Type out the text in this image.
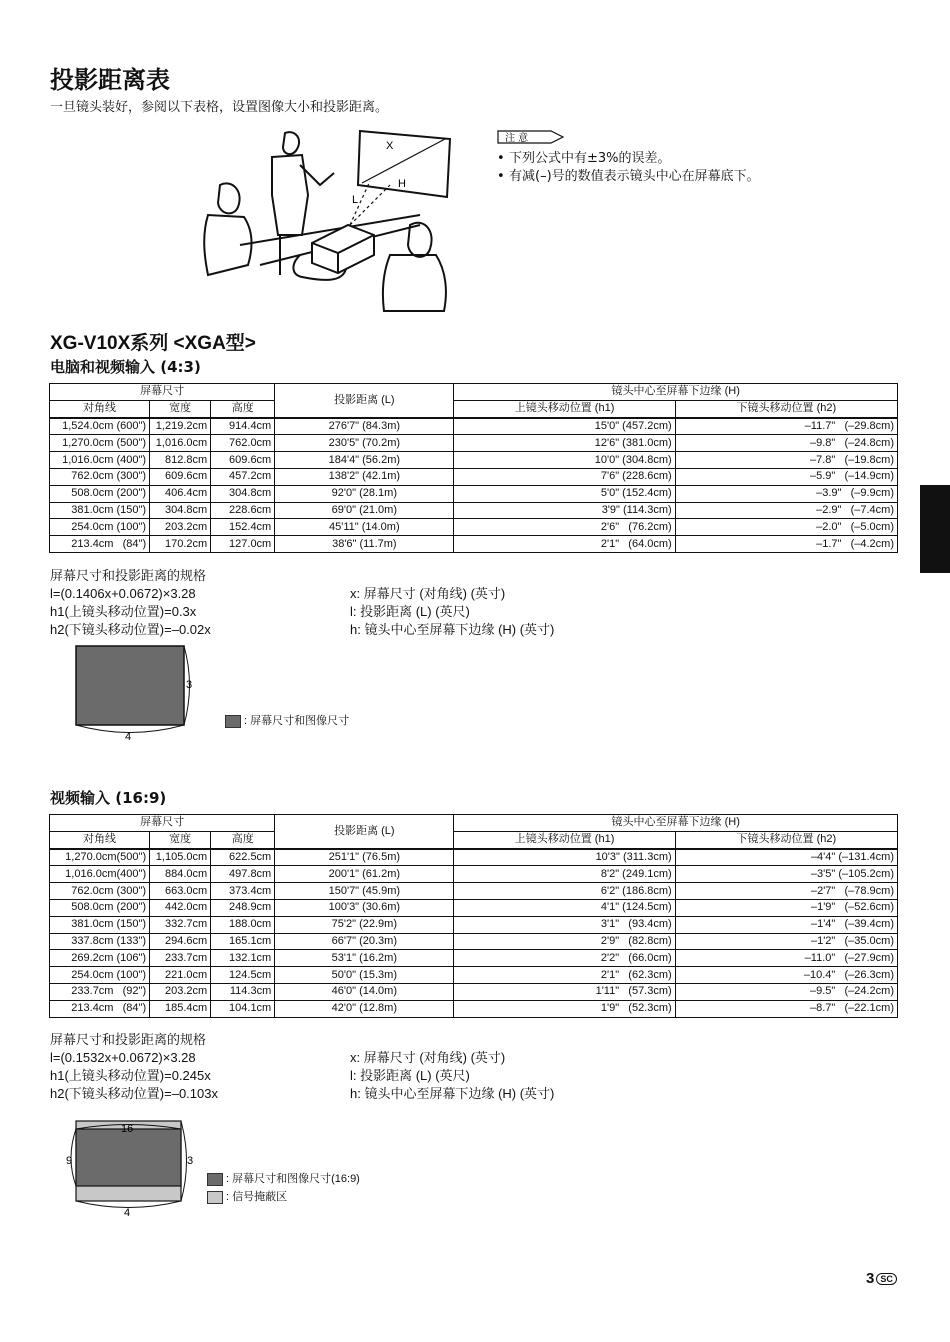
投影距离表
一旦镜头装好，参阅以下表格，设置图像大小和投影距离。
X
L
H
注 意
• 下列公式中有±3%的误差。
• 有减(–)号的数值表示镜头中心在屏幕底下。
XG-V10X系列 <XGA型>
电脑和视频输入 (4:3)
屏幕尺寸			投影距离 (L)	镜头中心至屏幕下边缘 (H)	
对角线	宽度	高度		上镜头移动位置 (h1)	下镜头移动位置 (h2)
1,524.0cm (600")	1,219.2cm	914.4cm	276'7" (84.3m)	15'0" (457.2cm)	–11.7"   (–29.8cm)
1,270.0cm (500")	1,016.0cm	762.0cm	230'5" (70.2m)	12'6" (381.0cm)	–9.8"   (–24.8cm)
1,016.0cm (400")	812.8cm	609.6cm	184'4" (56.2m)	10'0" (304.8cm)	–7.8"   (–19.8cm)
762.0cm (300")	609.6cm	457.2cm	138'2" (42.1m)	7'6" (228.6cm)	–5.9"   (–14.9cm)
508.0cm (200")	406.4cm	304.8cm	92'0" (28.1m)	5'0" (152.4cm)	–3.9"   (–9.9cm)
381.0cm (150")	304.8cm	228.6cm	69'0" (21.0m)	3'9" (114.3cm)	–2.9"   (–7.4cm)
254.0cm (100")	203.2cm	152.4cm	45'11" (14.0m)	2'6"   (76.2cm)	–2.0"   (–5.0cm)
213.4cm   (84")	170.2cm	127.0cm	38'6" (11.7m)	2'1"   (64.0cm)	–1.7"   (–4.2cm)
屏幕尺寸和投影距离的规格
l=(0.1406x+0.0672)×3.28
h1(上镜头移动位置)=0.3x
h2(下镜头移动位置)=–0.02x
x: 屏幕尺寸 (对角线) (英寸)
l: 投影距离 (L) (英尺)
h: 镜头中心至屏幕下边缘 (H) (英寸)
3
4
: 屏幕尺寸和图像尺寸
视频输入 (16:9)
屏幕尺寸			投影距离 (L)	镜头中心至屏幕下边缘 (H)	
对角线	宽度	高度		上镜头移动位置 (h1)	下镜头移动位置 (h2)
1,270.0cm(500")	1,105.0cm	622.5cm	251'1" (76.5m)	10'3" (311.3cm)	–4'4" (–131.4cm)
1,016.0cm(400")	884.0cm	497.8cm	200'1" (61.2m)	8'2" (249.1cm)	–3'5" (–105.2cm)
762.0cm (300")	663.0cm	373.4cm	150'7" (45.9m)	6'2" (186.8cm)	–2'7"   (–78.9cm)
508.0cm (200")	442.0cm	248.9cm	100'3" (30.6m)	4'1" (124.5cm)	–1'9"   (–52.6cm)
381.0cm (150")	332.7cm	188.0cm	75'2" (22.9m)	3'1"   (93.4cm)	–1'4"   (–39.4cm)
337.8cm (133")	294.6cm	165.1cm	66'7" (20.3m)	2'9"   (82.8cm)	–1'2"   (–35.0cm)
269.2cm (106")	233.7cm	132.1cm	53'1" (16.2m)	2'2"   (66.0cm)	–11.0"   (–27.9cm)
254.0cm (100")	221.0cm	124.5cm	50'0" (15.3m)	2'1"   (62.3cm)	–10.4"   (–26.3cm)
233.7cm   (92")	203.2cm	114.3cm	46'0" (14.0m)	1'11"   (57.3cm)	–9.5"   (–24.2cm)
213.4cm   (84")	185.4cm	104.1cm	42'0" (12.8m)	1'9"   (52.3cm)	–8.7"   (–22.1cm)
屏幕尺寸和投影距离的规格
l=(0.1532x+0.0672)×3.28
h1(上镜头移动位置)=0.245x
h2(下镜头移动位置)=–0.103x
x: 屏幕尺寸 (对角线) (英寸)
l: 投影距离 (L) (英尺)
h: 镜头中心至屏幕下边缘 (H) (英寸)
16
9	3
4
: 屏幕尺寸和图像尺寸(16:9)
: 信号掩蔽区
3 SC
